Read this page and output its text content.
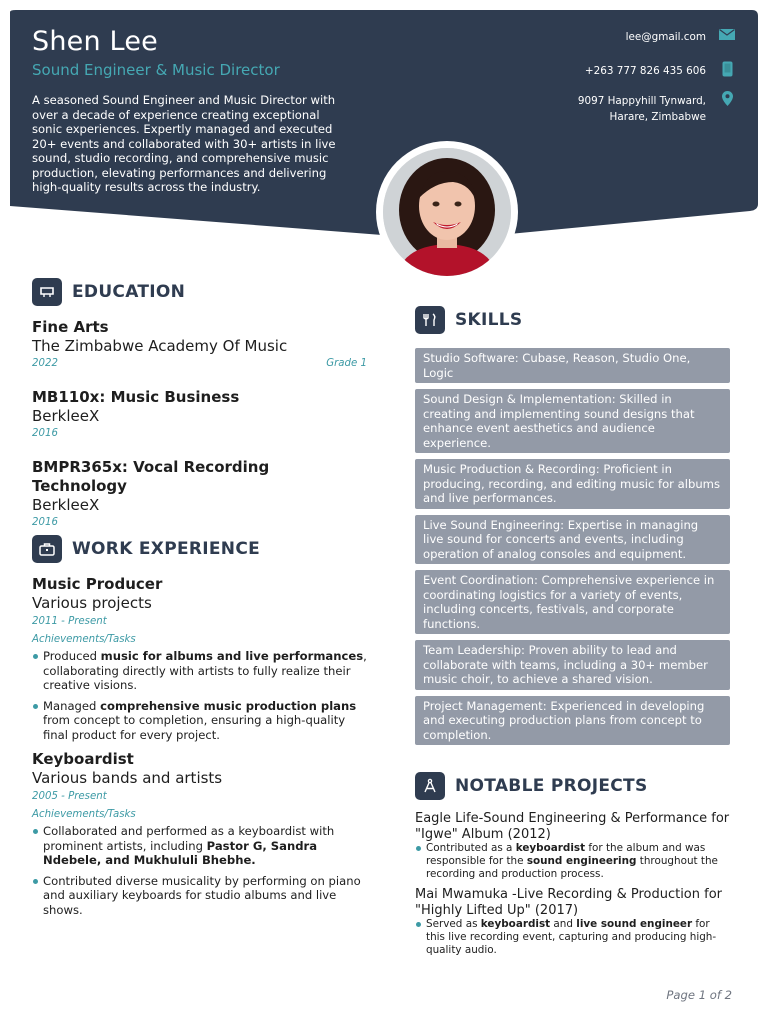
Shen Lee
Sound Engineer & Music Director
A seasoned Sound Engineer and Music Director with over a decade of experience creating exceptional sonic experiences. Expertly managed and executed 20+ events and collaborated with 30+ artists in live sound, studio recording, and comprehensive music production, elevating performances and delivering high-quality results across the industry.
lee@gmail.com
+263 777 826 435 606
9097 Happyhill Tynward,
Harare, Zimbabwe
EDUCATION
Fine Arts
The Zimbabwe Academy Of Music
2022	Grade 1
MB110x: Music Business
BerkleeX
2016
BMPR365x: Vocal Recording Technology
BerkleeX
2016
WORK EXPERIENCE
Music Producer
Various projects
2011 - Present
Achievements/Tasks
Produced music for albums and live performances, collaborating directly with artists to fully realize their creative visions.
Managed comprehensive music production plans from concept to completion, ensuring a high-quality final product for every project.
Keyboardist
Various bands and artists
2005 - Present
Achievements/Tasks
Collaborated and performed as a keyboardist with prominent artists, including Pastor G, Sandra Ndebele, and Mukhululi Bhebhe.
Contributed diverse musicality by performing on piano and auxiliary keyboards for studio albums and live shows.
SKILLS
Studio Software: Cubase, Reason, Studio One, Logic
Sound Design & Implementation: Skilled in creating and implementing sound designs that enhance event aesthetics and audience experience.
Music Production & Recording: Proficient in producing, recording, and editing music for albums and live performances.
Live Sound Engineering: Expertise in managing live sound for concerts and events, including operation of analog consoles and equipment.
Event Coordination: Comprehensive experience in coordinating logistics for a variety of events, including concerts, festivals, and corporate functions.
Team Leadership: Proven ability to lead and collaborate with teams, including a 30+ member music choir, to achieve a shared vision.
Project Management: Experienced in developing and executing production plans from concept to completion.
NOTABLE PROJECTS
Eagle Life-Sound Engineering & Performance for "Igwe" Album (2012)
Contributed as a keyboardist for the album and was responsible for the sound engineering throughout the recording and production process.
Mai Mwamuka -Live Recording & Production for "Highly Lifted Up" (2017)
Served as keyboardist and live sound engineer for this live recording event, capturing and producing high-quality audio.
Page 1 of 2
